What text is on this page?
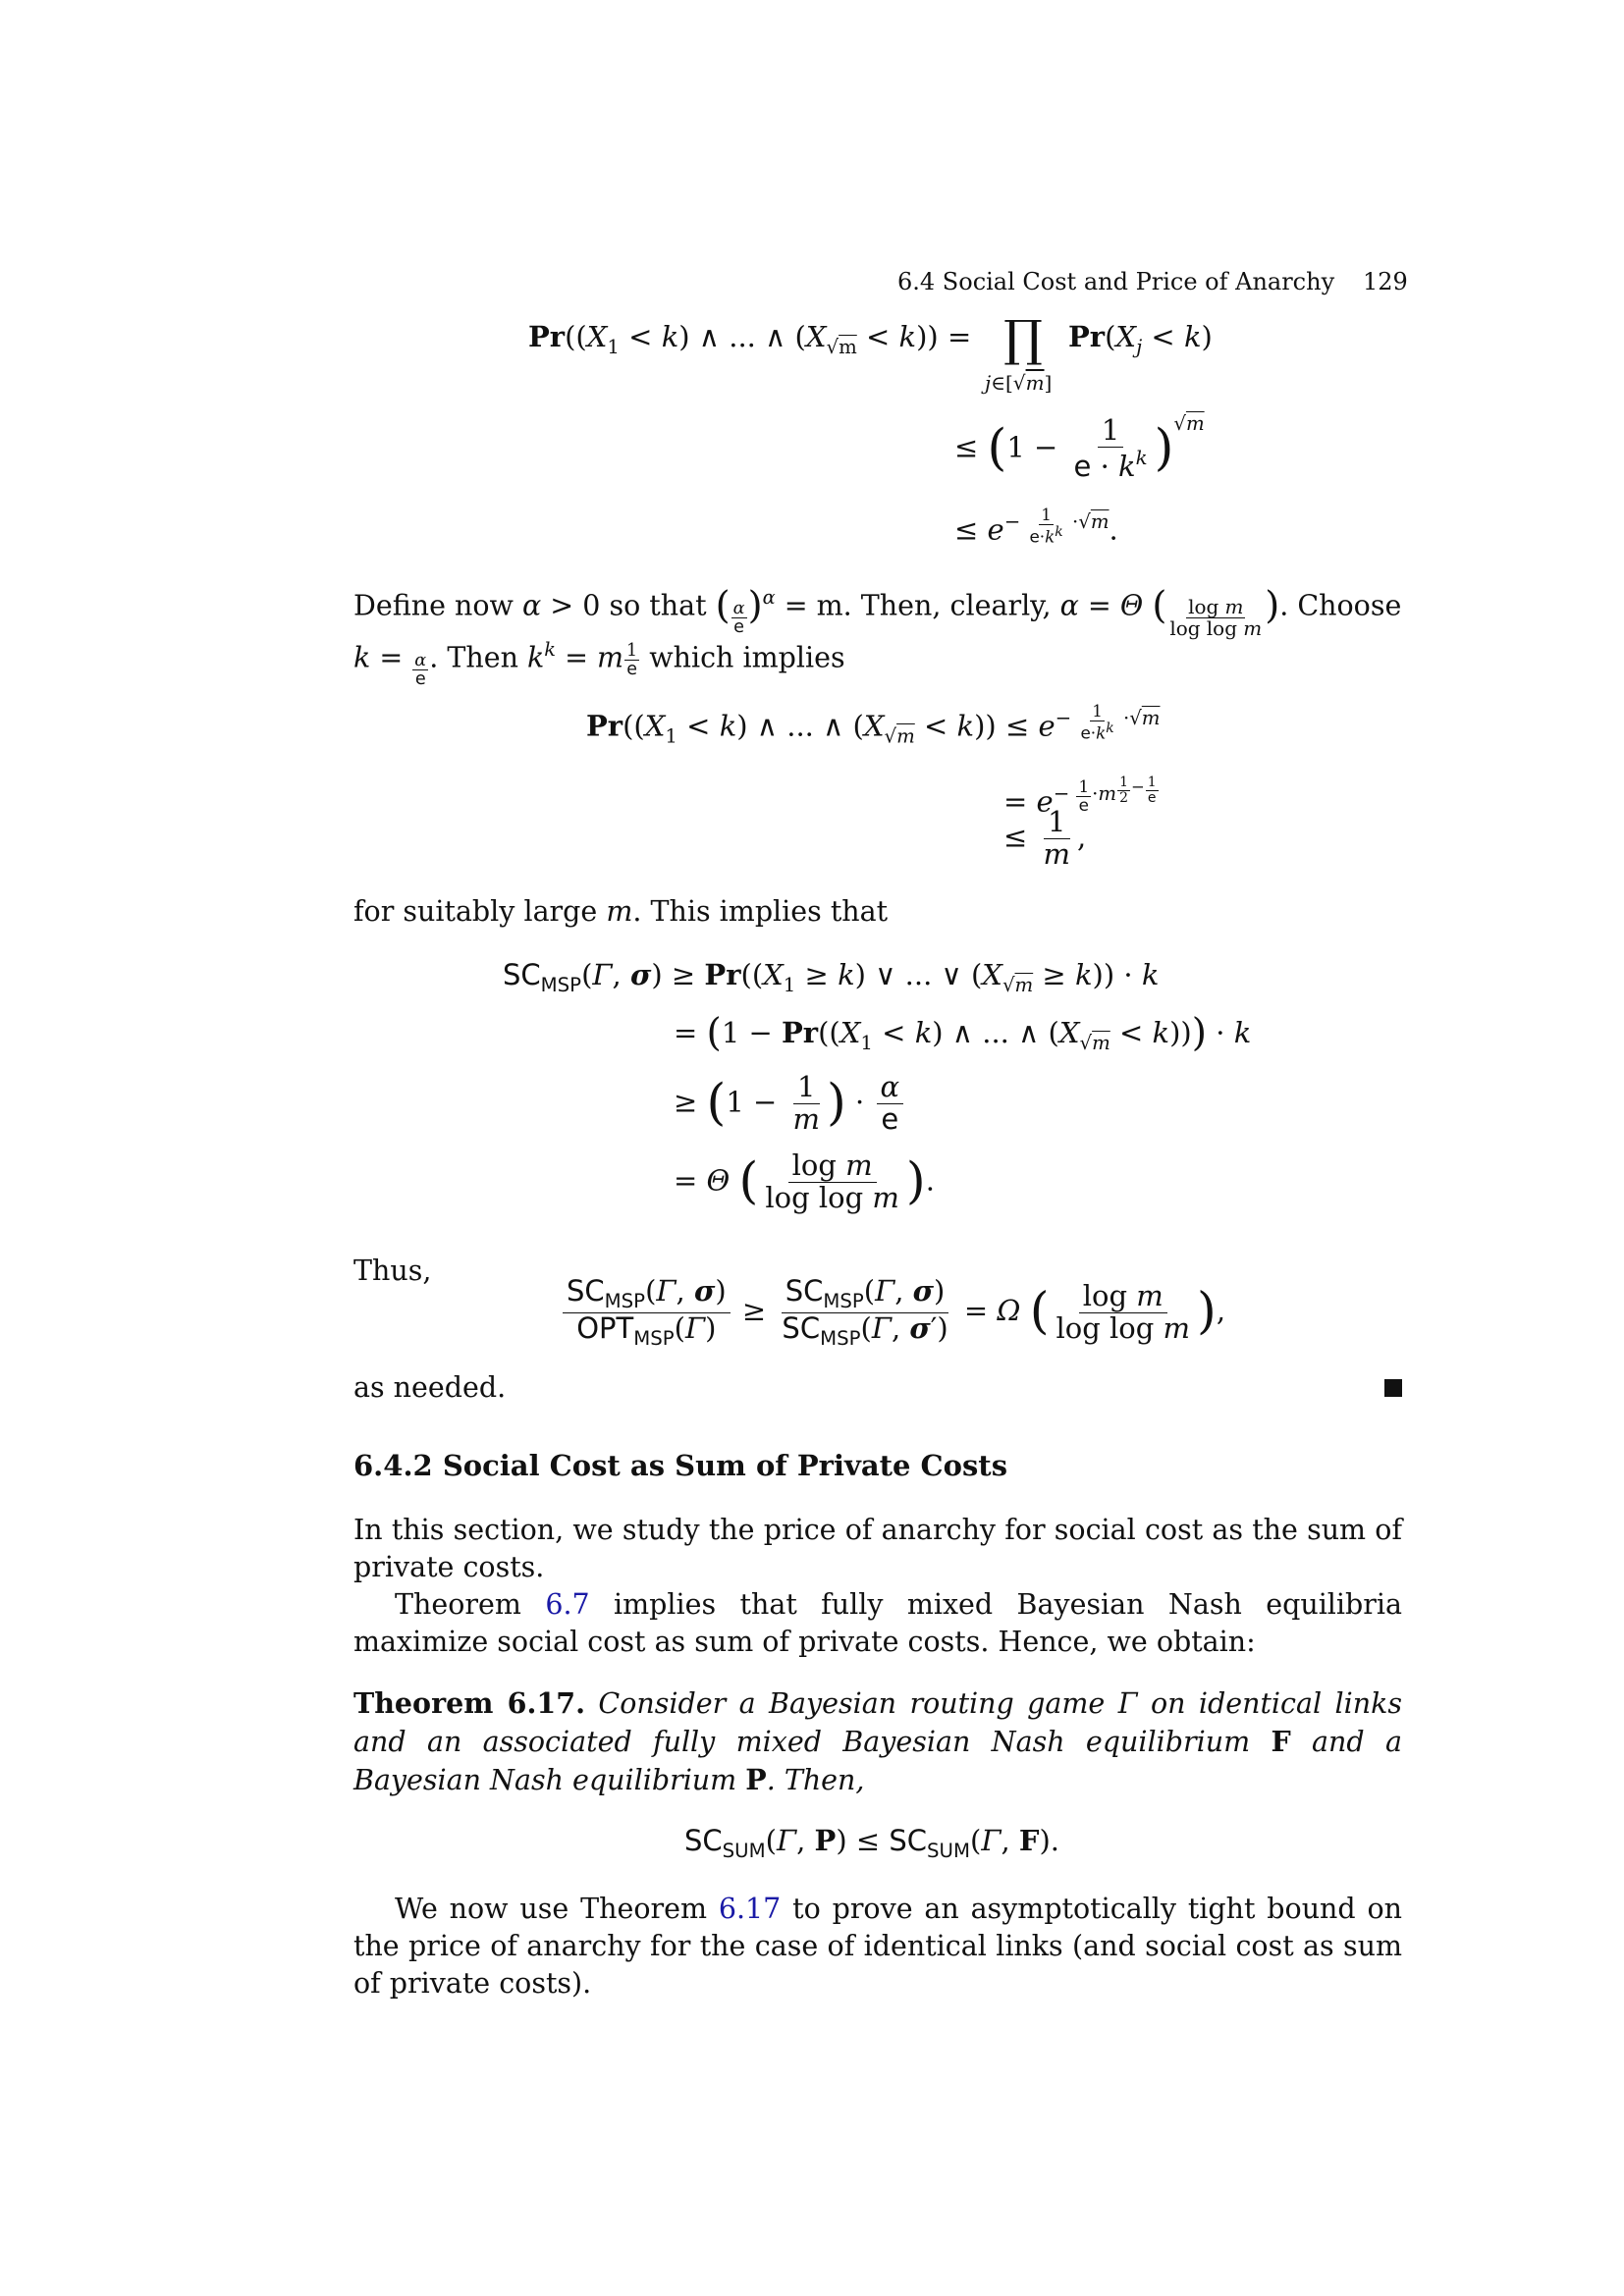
6.4 Social Cost and Price of Anarchy 129
$Pr((X_1 < k)$ ∧ ... ∧ $(X_{√m} < k)$) = ∏
j∈[√m]
$Pr(X_j < k)$
≤ $(1 - \frac{1}{e \cdot k^k} )^{√m}$
≤ $e^{- \frac{1}{e\cdot k^k} \cdot√m}$.
Define now α > 0 so that ( $\frac{\alpha}{e} )^\alpha = m$. Then, clearly, α = Θ ( $\frac{\text{log m}}{\text{log log m}}$ ). Choose
$k = \frac{\alpha}{e}$ . Then $k^k = m$ $^{\frac{1}{e}}$ which implies
$Pr((X_1 < k)$ ∧ ... ∧ $(X_{√m} < k)) \le e^{- \frac{1}{e\cdot k^k} \cdot√m}$
= $e^{- \frac{1}{e} \cdot m ^{\frac{1}{2} - \frac{1}{e}}}$
≤ $\frac{1}{m}$ ,
for suitably large m. This implies that
$SC_{MSP}(\Gamma$, $\sigma) \ge Pr((X_1 \ge k)$ ∨ ... ∨ $(X_{√m} \ge k)) \cdot k$
= ($1 - Pr((X_1 < k)$ ∧ ... ∧ $(X_{√m} < k))) \cdot k$
≥ ($1 - \frac{1}{m}$ ) · $\frac{\alpha}{e}$
= Θ ( $\frac{\text{log m}}{\text{log log m}}$ ).
Thus,
$\frac{SC_{MSP}(\Gamma, \sigma)}{OPT_{MSP}(\Gamma)} \ge \frac{SC_{MSP}(\Gamma, \sigma)}{SC_{MSP}(\Gamma, \sigma')} = \Omega$ ( $\frac{\text{log m}}{\text{log log m}}$ ),
as needed.
6.4.2 Social Cost as Sum of Private Costs
In this section, we study the price of anarchy for social cost as the sum of private costs.
Theorem 6.7 implies that fully mixed Bayesian Nash equilibria maximize social cost as sum of private costs. Hence, we obtain:
Theorem 6.17. Consider a Bayesian routing game Γ on identical links and an associated fully mixed Bayesian Nash equilibrium F and a Bayesian Nash equilibrium P. Then,
$SC_{SUM}(\Gamma$, $P) \le SC_{SUM}(\Gamma$, F).
We now use Theorem 6.17 to prove an asymptotically tight bound on the price of anarchy for the case of identical links (and social cost as sum of private costs).
